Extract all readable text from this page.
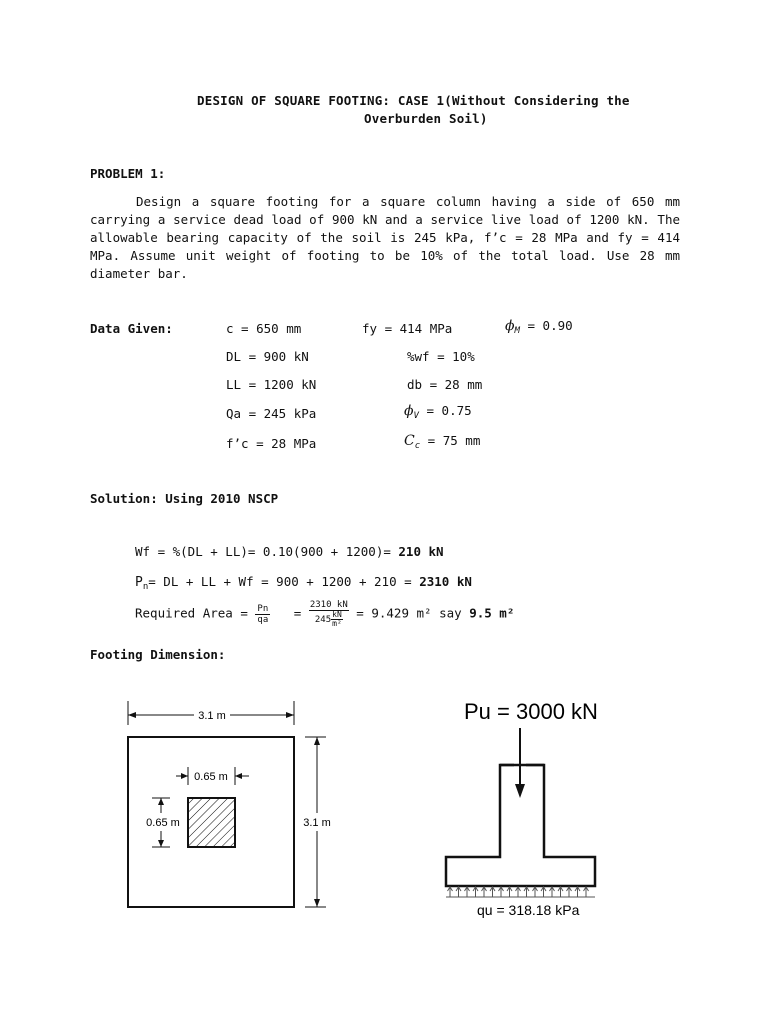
DESIGN OF SQUARE FOOTING: CASE 1(Without Considering the
Overburden Soil)
PROBLEM 1:
Design a square footing for a square column having a side of 650 mm carrying a service dead load of 900 kN and a service live load of 1200 kN. The allowable bearing capacity of the soil is 245 kPa, f’c = 28 MPa and fy = 414 MPa. Assume unit weight of footing to be 10% of the total load. Use 28 mm diameter bar.
Data Given:	c = 650 mm	fy = 414 MPa	$\phi_M = 0.90$
DL = 900 kN	%wf = 10%
LL = 1200 kN	db = 28 mm
Qa = 245 kPa	$\phi_V = 0.75$
f’c = 28 MPa	$C_c = 75$ mm
Solution: Using 2010 NSCP
Wf = %(DL + LL)= 0.10(900 + 1200)= 210 kN
$P_n=$ DL + LL + Wf = 900 + 1200 + 210 = 2310 kN
Required Area = $\frac{Pn}{qa} = \frac{2310 kN}{245 \frac{kN}{\text{m²}}} = 9.429$ m² say 9.5 m²
Footing Dimension:
3.1 m
3.1 m
0.65 m
0.65 m
Pu = 3000 kN
qu = 318.18 kPa
